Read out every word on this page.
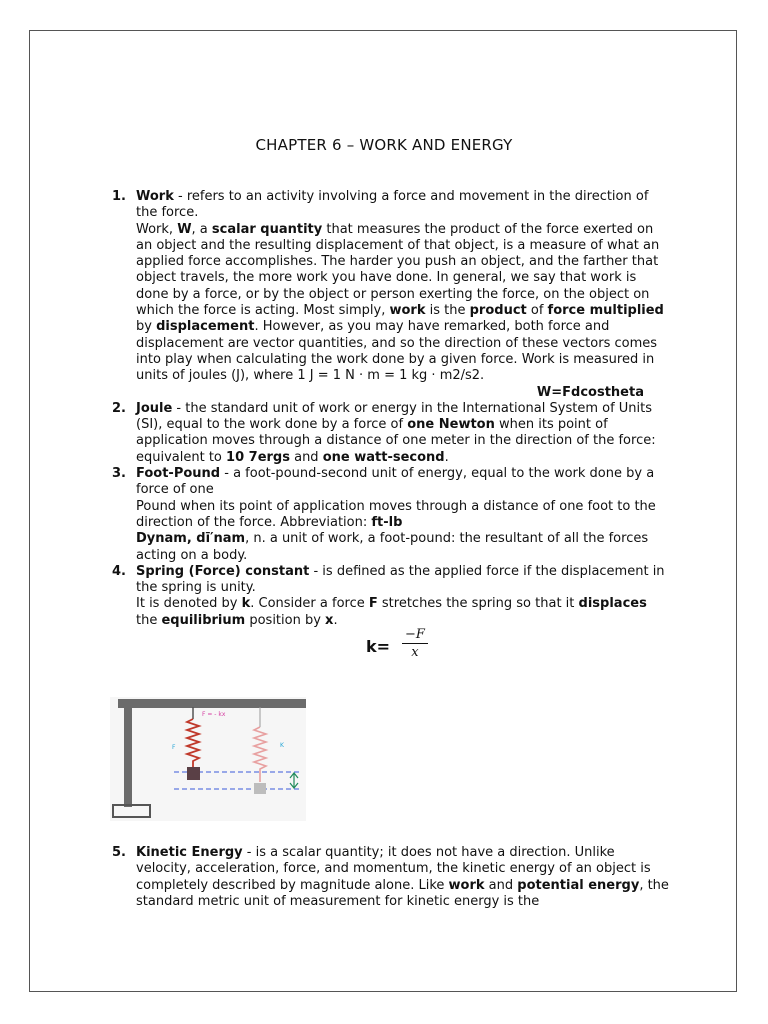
CHAPTER 6 – WORK AND ENERGY
1. Work - refers to an activity involving a force and movement in the direction of the force.

Work, W, a scalar quantity that measures the product of the force exerted on an object and the resulting displacement of that object, is a measure of what an applied force accomplishes. The harder you push an object, and the farther that object travels, the more work you have done. In general, we say that work is done by a force, or by the object or person exerting the force, on the object on which the force is acting. Most simply, work is the product of force multiplied by displacement. However, as you may have remarked, both force and displacement are vector quantities, and so the direction of these vectors comes into play when calculating the work done by a given force. Work is measured in units of joules (J), where 1 J = 1 N · m = 1 kg · m2/s2.

W=Fdcostheta

2. Joule - the standard unit of work or energy in the International System of Units (SI), equal to the work done by a force of one Newton when its point of application moves through a distance of one meter in the direction of the force: equivalent to 10 7ergs and one watt-second.

3. Foot-Pound - a foot-pound-second unit of energy, equal to the work done by a force of one

Pound when its point of application moves through a distance of one foot to the direction of the force. Abbreviation: ft-lb

Dynam, dī′nam, n. a unit of work, a foot-pound: the resultant of all the forces acting on a body.

4. Spring (Force) constant - is defined as the applied force if the displacement in the spring is unity.

It is denoted by k. Consider a force F stretches the spring so that it displaces the equilibrium position by x.

$k= \frac{-F}{x}$
F = - kx
F	K
5. Kinetic Energy - is a scalar quantity; it does not have a direction. Unlike velocity, acceleration, force, and momentum, the kinetic energy of an object is completely described by magnitude alone. Like work and potential energy, the standard metric unit of measurement for kinetic energy is the
